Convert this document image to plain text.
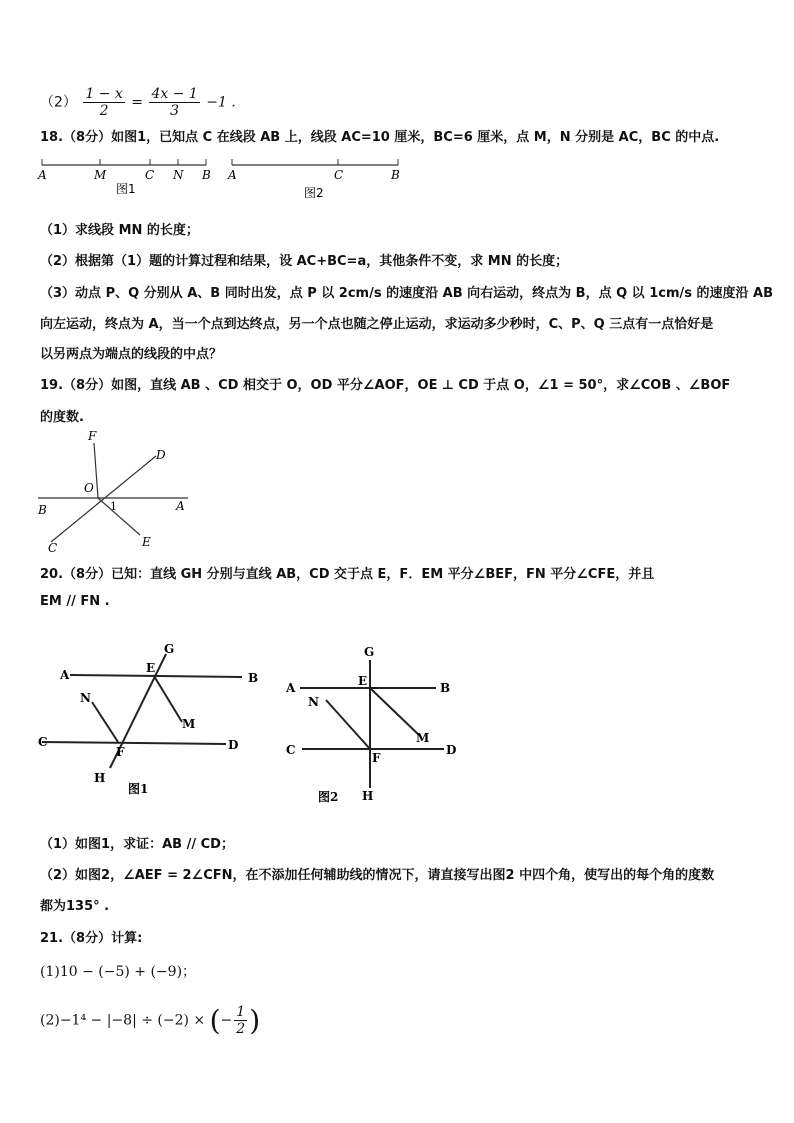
$(2) \frac{1 - x}{2} = \frac{4x - 1}{3} -1$ .
18.（8分）如图1，已知点 C 在线段 AB 上，线段 AC=10 厘米，BC=6 厘米，点 M，N 分别是 AC，BC 的中点.
A	M	C N B
图1
A	C	B
图2
（1）求线段 MN 的长度；
（2）根据第（1）题的计算过程和结果，设 AC+BC=a，其他条件不变，求 MN 的长度；
（3）动点 P、Q 分别从 A、B 同时出发，点 P 以 2cm/s 的速度沿 AB 向右运动，终点为 B，点 Q 以 1cm/s 的速度沿 AB
向左运动，终点为 A，当一个点到达终点，另一个点也随之停止运动，求运动多少秒时，C、P、Q 三点有一点恰好是
以另两点为端点的线段的中点？
19.（8分）如图，直线 AB 、CD 相交于 O，OD 平分∠AOF，OE ⊥ CD 于点 O，∠1 = 50°，求∠COB 、∠BOF
的度数.
F
D
O
B	1	A
C	E
20.（8分）已知：直线 GH 分别与直线 AB，CD 交于点 E，F．EM 平分∠BEF，FN 平分∠CFE，并且
EM // FN .
A	B
C	D
E
F
G
H
M
N
图1
A	B
C	D
E
F
G
H
M
N
图2
（1）如图1，求证：AB // CD；
（2）如图2，∠AEF = 2∠CFN，在不添加任何辅助线的情况下，请直接写出图2 中四个角，使写出的每个角的度数
都为135° .
21.（8分）计算:
(1)10 − (−5) + (−9)；
(2)−1⁴ − |−8| ÷ (−2) × (− $\frac{1}{2}$ )
